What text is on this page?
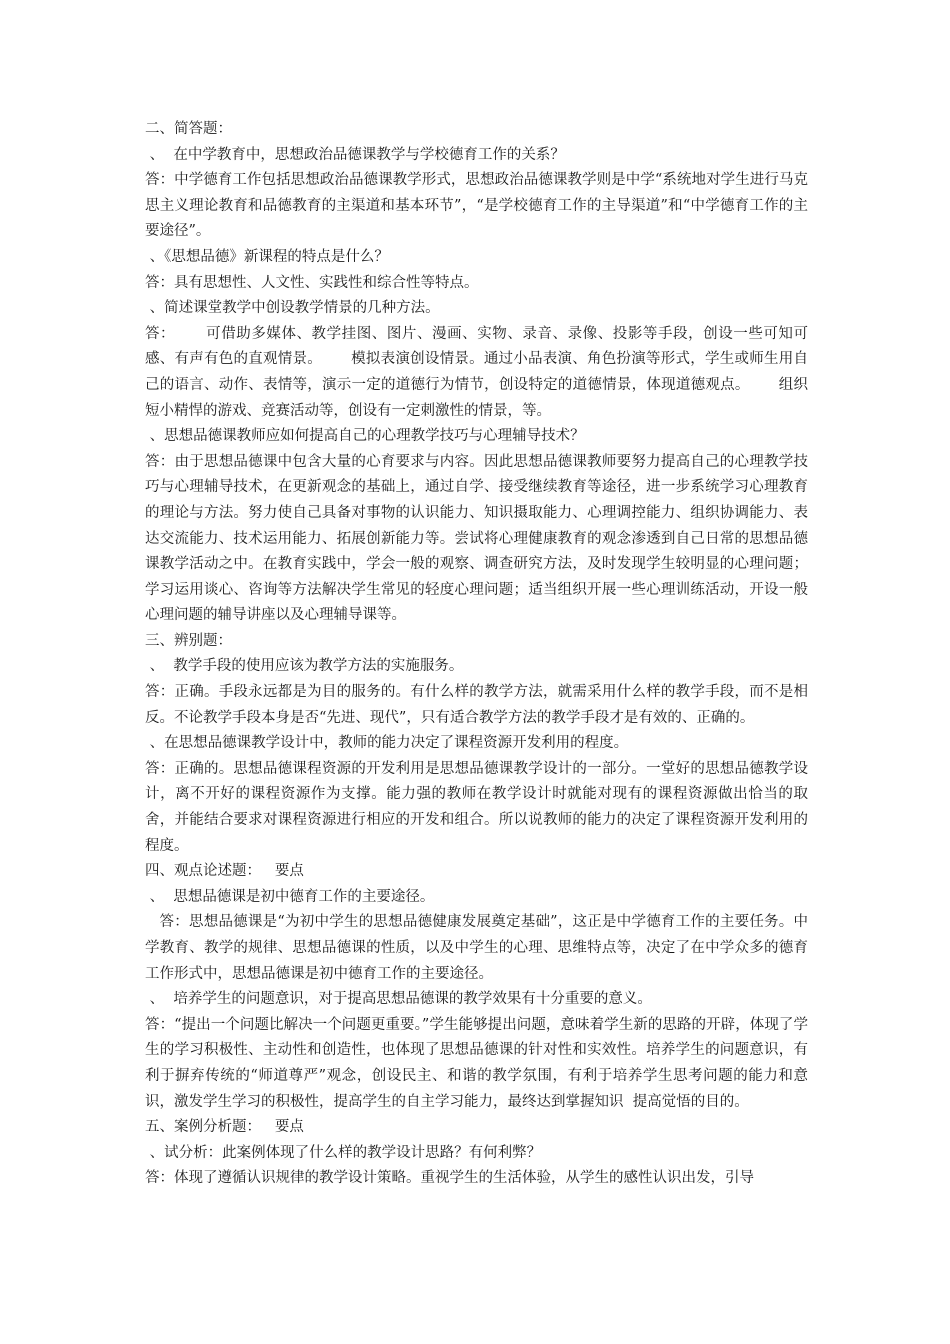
二、简答题：

、  在中学教育中，思想政治品德课教学与学校德育工作的关系？

答：中学德育工作包括思想政治品德课教学形式，思想政治品德课教学则是中学“系统地对学生进行马克思主义理论教育和品德教育的主渠道和基本环节”，“是学校德育工作的主导渠道”和“中学德育工作的主要途径”。

、《思想品德》新课程的特点是什么？

答：具有思想性、人文性、实践性和综合性等特点。

、简述课堂教学中创设教学情景的几种方法。

答：      可借助多媒体、教学挂图、图片、漫画、实物、录音、录像、投影等手段，创设一些可知可感、有声有色的直观情景。      模拟表演创设情景。通过小品表演、角色扮演等形式，学生或师生用自己的语言、动作、表情等，演示一定的道德行为情节，创设特定的道德情景，体现道德观点。      组织短小精悍的游戏、竞赛活动等，创设有一定刺激性的情景，等。

、思想品德课教师应如何提高自己的心理教学技巧与心理辅导技术？

答：由于思想品德课中包含大量的心育要求与内容。因此思想品德课教师要努力提高自己的心理教学技巧与心理辅导技术，在更新观念的基础上，通过自学、接受继续教育等途径，进一步系统学习心理教育的理论与方法。努力使自己具备对事物的认识能力、知识摄取能力、心理调控能力、组织协调能力、表达交流能力、技术运用能力、拓展创新能力等。尝试将心理健康教育的观念渗透到自己日常的思想品德课教学活动之中。在教育实践中，学会一般的观察、调查研究方法，及时发现学生较明显的心理问题；学习运用谈心、咨询等方法解决学生常见的轻度心理问题；适当组织开展一些心理训练活动，开设一般心理问题的辅导讲座以及心理辅导课等。

三、辨别题：

、  教学手段的使用应该为教学方法的实施服务。

答：正确。手段永远都是为目的服务的。有什么样的教学方法，就需采用什么样的教学手段，而不是相反。不论教学手段本身是否“先进、现代”，只有适合教学方法的教学手段才是有效的、正确的。

、在思想品德课教学设计中，教师的能力决定了课程资源开发利用的程度。

答：正确的。思想品德课程资源的开发利用是思想品德课教学设计的一部分。一堂好的思想品德教学设计，离不开好的课程资源作为支撑。能力强的教师在教学设计时就能对现有的课程资源做出恰当的取舍，并能结合要求对课程资源进行相应的开发和组合。所以说教师的能力的决定了课程资源开发利用的程度。

四、观点论述题：   要点

、  思想品德课是初中德育工作的主要途径。

答：思想品德课是“为初中学生的思想品德健康发展奠定基础”，这正是中学德育工作的主要任务。中学教育、教学的规律、思想品德课的性质，以及中学生的心理、思维特点等，决定了在中学众多的德育工作形式中，思想品德课是初中德育工作的主要途径。

、  培养学生的问题意识，对于提高思想品德课的教学效果有十分重要的意义。

答：“提出一个问题比解决一个问题更重要。”学生能够提出问题，意味着学生新的思路的开辟，体现了学生的学习积极性、主动性和创造性，也体现了思想品德课的针对性和实效性。培养学生的问题意识，有利于摒弃传统的“师道尊严”观念，创设民主、和谐的教学氛围，有利于培养学生思考问题的能力和意识，激发学生学习的积极性，提高学生的自主学习能力，最终达到掌握知识  提高觉悟的目的。

五、案例分析题：   要点

、试分析：此案例体现了什么样的教学设计思路？有何利弊？

答：体现了遵循认识规律的教学设计策略。重视学生的生活体验，从学生的感性认识出发，引导
